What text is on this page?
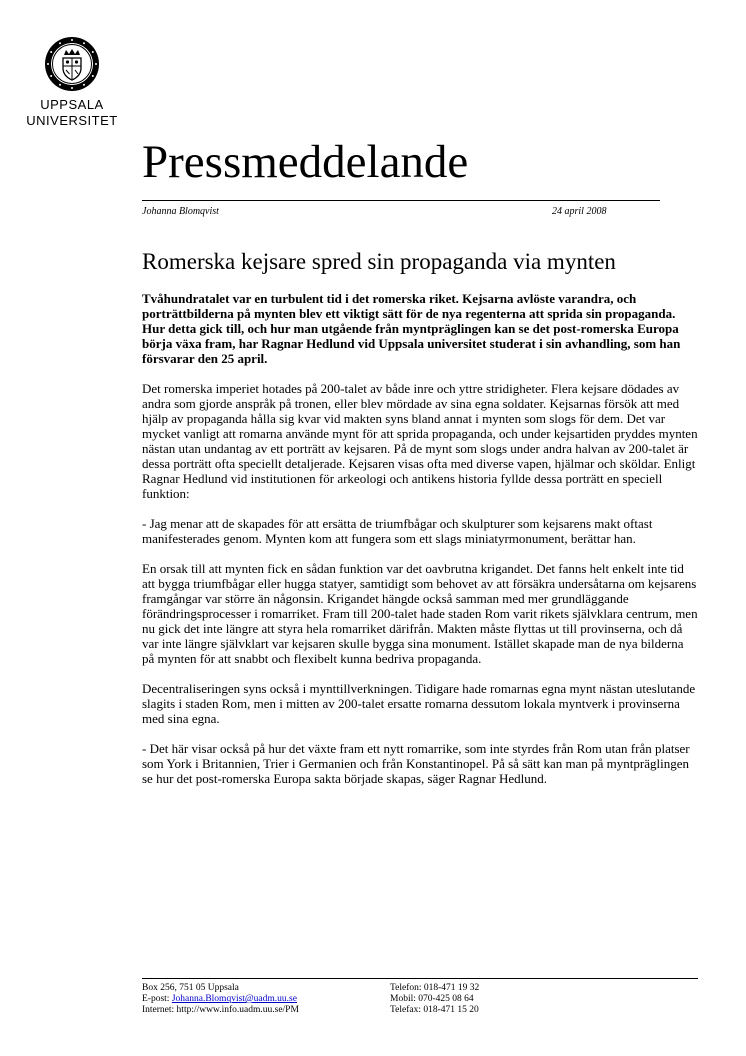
UPPSALA
UNIVERSITET
Pressmeddelande
Johanna Blomqvist	24 april 2008
Romerska kejsare spred sin propaganda via mynten

Tvåhundratalet var en turbulent tid i det romerska riket. Kejsarna avlöste varandra, och porträttbilderna på mynten blev ett viktigt sätt för de nya regenterna att sprida sin propaganda. Hur detta gick till, och hur man utgående från myntpräglingen kan se det post-romerska Europa börja växa fram, har Ragnar Hedlund vid Uppsala universitet studerat i sin avhandling, som han försvarar den 25 april.

Det romerska imperiet hotades på 200-talet av både inre och yttre stridigheter. Flera kejsare dödades av andra som gjorde anspråk på tronen, eller blev mördade av sina egna soldater. Kejsarnas försök att med hjälp av propaganda hålla sig kvar vid makten syns bland annat i mynten som slogs för dem. Det var mycket vanligt att romarna använde mynt för att sprida propaganda, och under kejsartiden pryddes mynten nästan utan undantag av ett porträtt av kejsaren. På de mynt som slogs under andra halvan av 200-talet är dessa porträtt ofta speciellt detaljerade. Kejsaren visas ofta med diverse vapen, hjälmar och sköldar. Enligt Ragnar Hedlund vid institutionen för arkeologi och antikens historia fyllde dessa porträtt en speciell funktion:

- Jag menar att de skapades för att ersätta de triumfbågar och skulpturer som kejsarens makt oftast manifesterades genom. Mynten kom att fungera som ett slags miniatyrmonument, berättar han.

En orsak till att mynten fick en sådan funktion var det oavbrutna krigandet. Det fanns helt enkelt inte tid att bygga triumfbågar eller hugga statyer, samtidigt som behovet av att försäkra undersåtarna om kejsarens framgångar var större än någonsin. Krigandet hängde också samman med mer grundläggande förändringsprocesser i romarriket. Fram till 200-talet hade staden Rom varit rikets självklara centrum, men nu gick det inte längre att styra hela romarriket därifrån. Makten måste flyttas ut till provinserna, och då var inte längre självklart var kejsaren skulle bygga sina monument. Istället skapade man de nya bilderna på mynten för att snabbt och flexibelt kunna bedriva propaganda.

Decentraliseringen syns också i mynttillverkningen. Tidigare hade romarnas egna mynt nästan uteslutande slagits i staden Rom, men i mitten av 200-talet ersatte romarna dessutom lokala myntverk i provinserna med sina egna.

- Det här visar också på hur det växte fram ett nytt romarrike, som inte styrdes från Rom utan från platser som York i Britannien, Trier i Germanien och från Konstantinopel. På så sätt kan man på myntpräglingen se hur det post-romerska Europa sakta började skapas, säger Ragnar Hedlund.

Box 256, 751 05 Uppsala
E-post: Johanna.Blomqvist@uadm.uu.se
Internet: http://www.info.uadm.uu.se/PM
Telefon: 018-471 19 32
Mobil: 070-425 08 64
Telefax: 018-471 15 20
